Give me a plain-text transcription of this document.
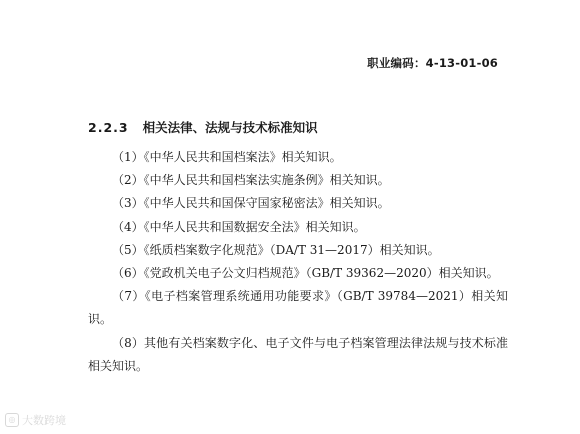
职业编码：4-13-01-06
2.2.3 相关法律、法规与技术标准知识
（1）《中华人民共和国档案法》相关知识。
（2）《中华人民共和国档案法实施条例》相关知识。
（3）《中华人民共和国保守国家秘密法》相关知识。
（4）《中华人民共和国数据安全法》相关知识。
（5）《纸质档案数字化规范》（DA/T 31—2017）相关知识。
（6）《党政机关电子公文归档规范》（GB/T 39362—2020）相关知识。
（7）《电子档案管理系统通用功能要求》（GB/T 39784—2021）相关知识。
（8）其他有关档案数字化、电子文件与电子档案管理法律法规与技术标准相关知识。
◎ 大数跨境
